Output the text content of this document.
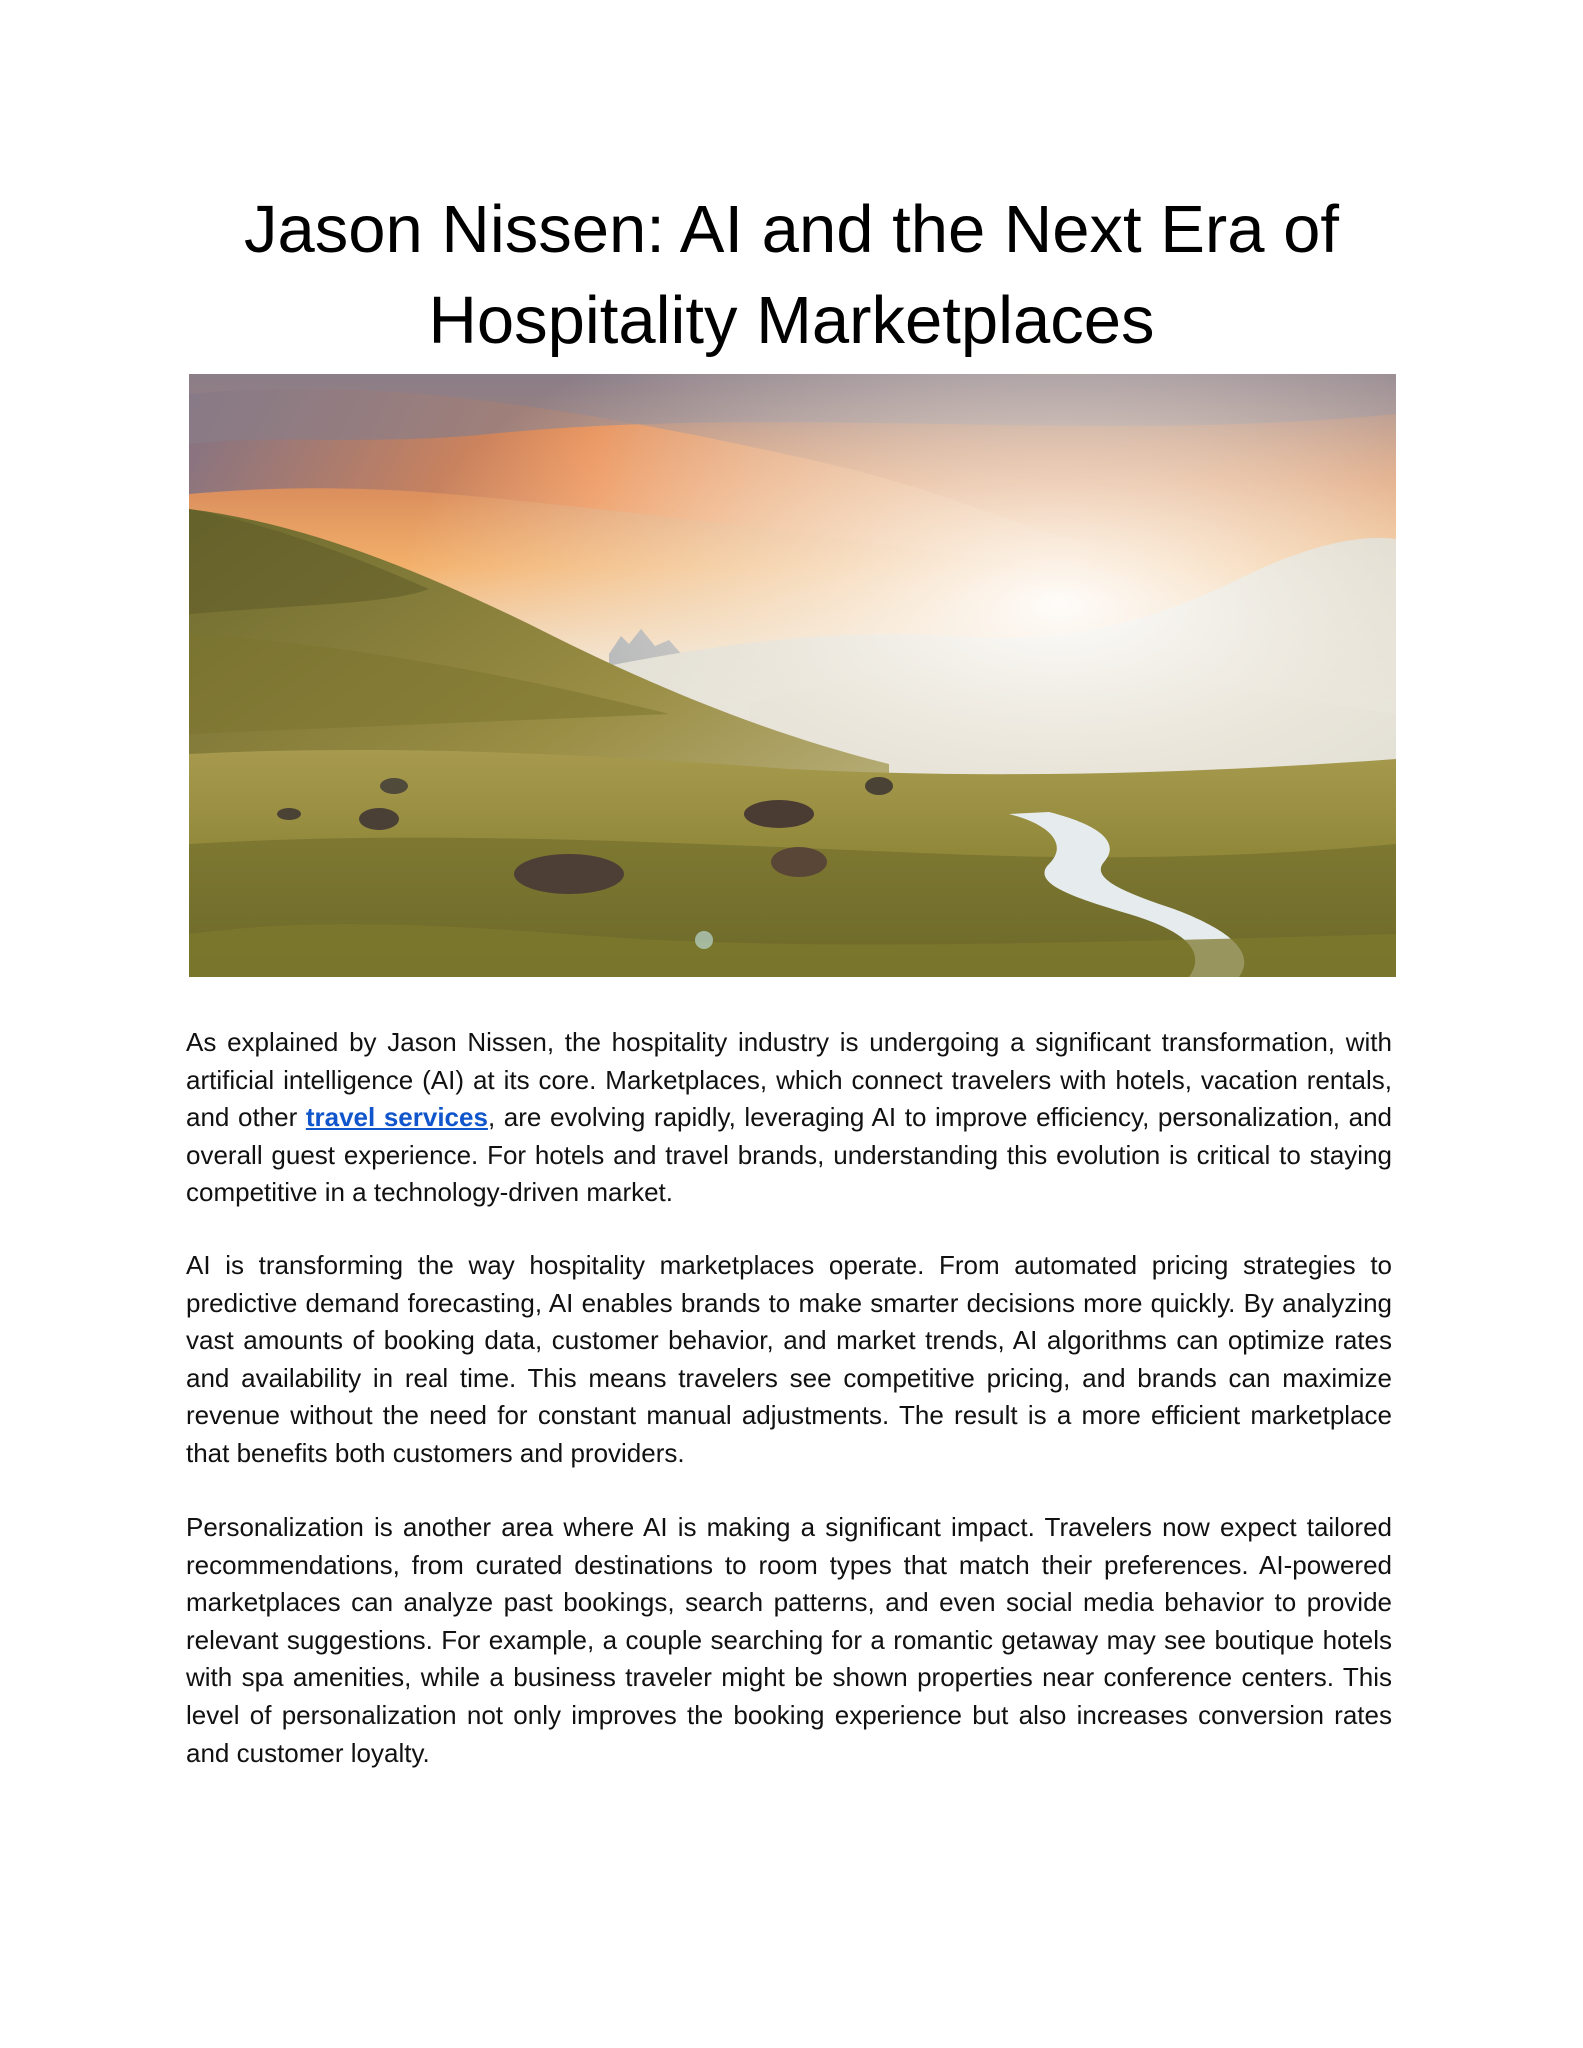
Jason Nissen: AI and the Next Era of Hospitality Marketplaces

As explained by Jason Nissen, the hospitality industry is undergoing a significant transformation, with artificial intelligence (AI) at its core. Marketplaces, which connect travelers with hotels, vacation rentals, and other travel services, are evolving rapidly, leveraging AI to improve efficiency, personalization, and overall guest experience. For hotels and travel brands, understanding this evolution is critical to staying competitive in a technology-driven market.

AI is transforming the way hospitality marketplaces operate. From automated pricing strategies to predictive demand forecasting, AI enables brands to make smarter decisions more quickly. By analyzing vast amounts of booking data, customer behavior, and market trends, AI algorithms can optimize rates and availability in real time. This means travelers see competitive pricing, and brands can maximize revenue without the need for constant manual adjustments. The result is a more efficient marketplace that benefits both customers and providers.

Personalization is another area where AI is making a significant impact. Travelers now expect tailored recommendations, from curated destinations to room types that match their preferences. AI-powered marketplaces can analyze past bookings, search patterns, and even social media behavior to provide relevant suggestions. For example, a couple searching for a romantic getaway may see boutique hotels with spa amenities, while a business traveler might be shown properties near conference centers. This level of personalization not only improves the booking experience but also increases conversion rates and customer loyalty.
